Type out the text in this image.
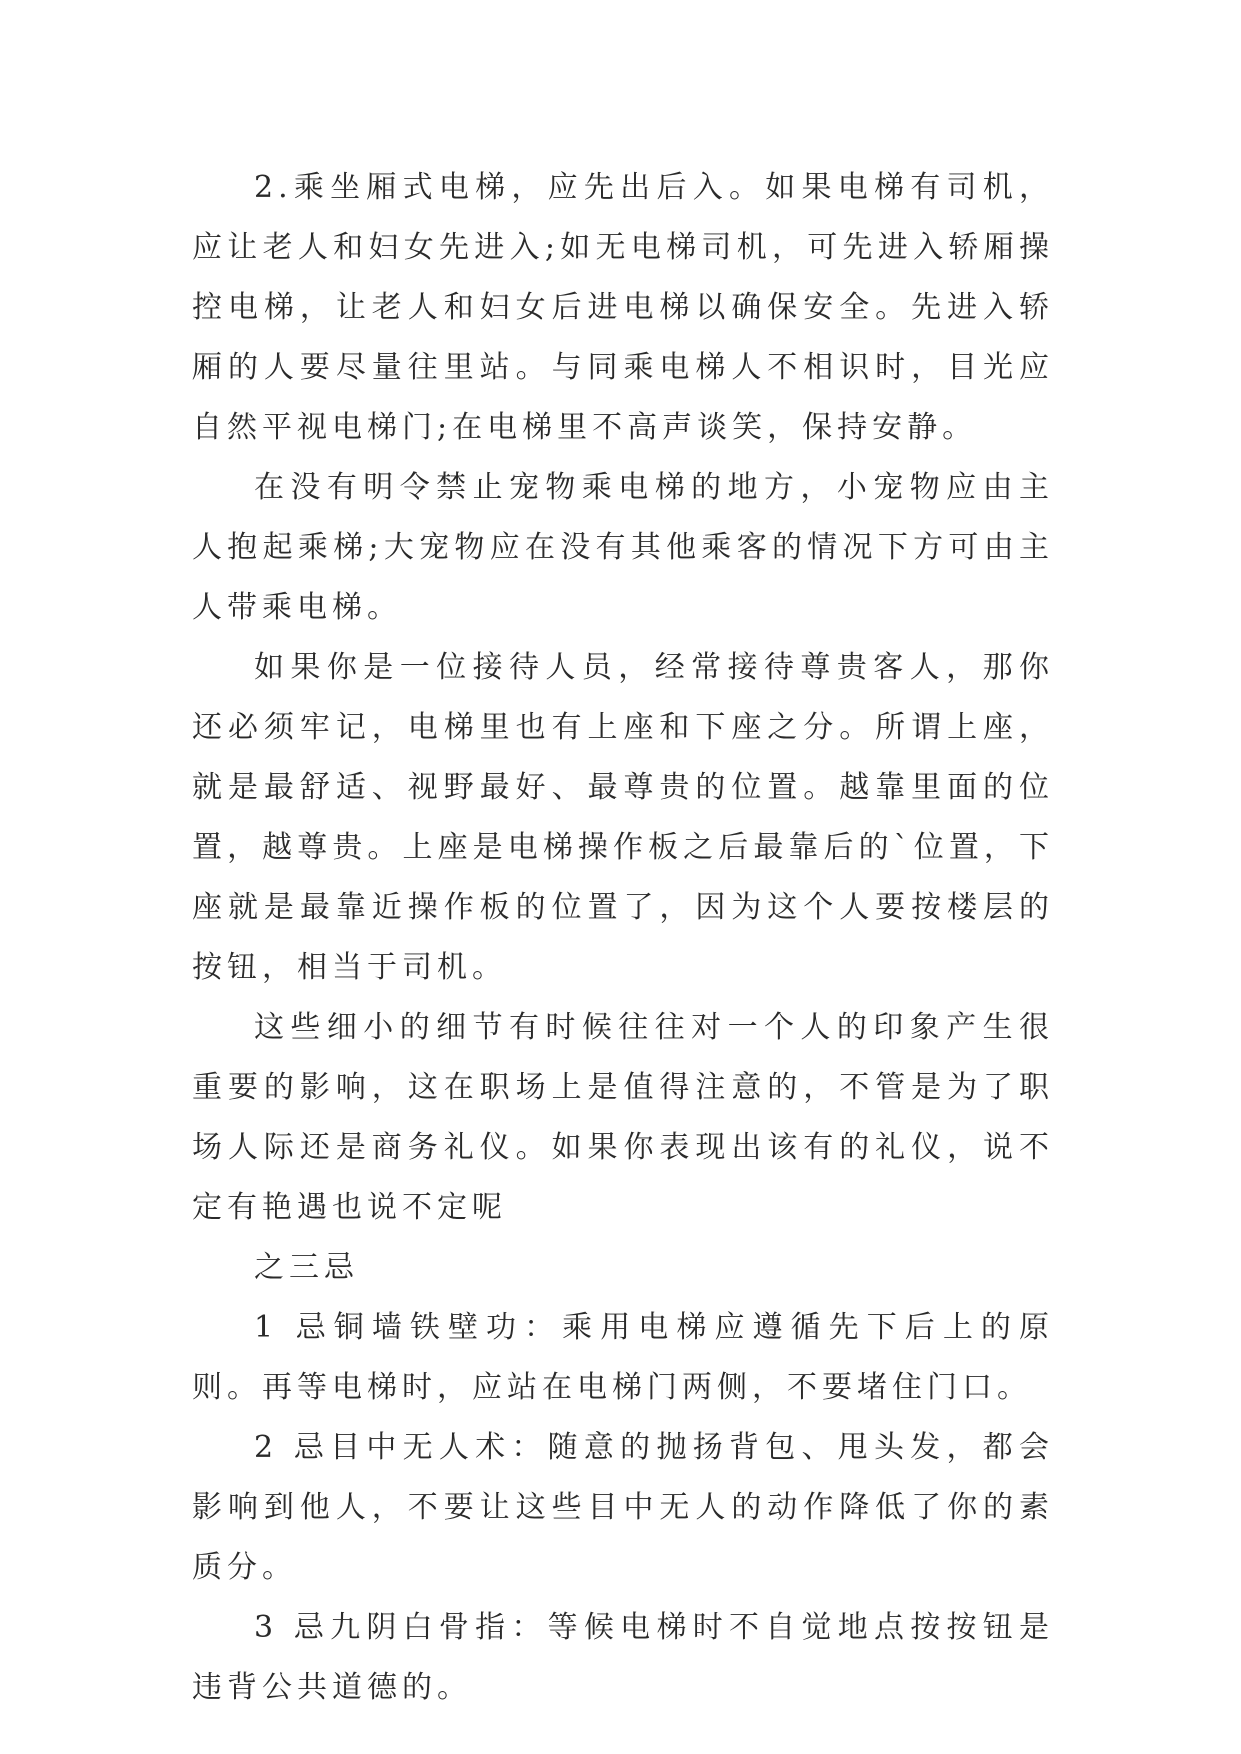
2.乘坐厢式电梯，应先出后入。如果电梯有司机，应让老人和妇女先进入;如无电梯司机，可先进入轿厢操控电梯，让老人和妇女后进电梯以确保安全。先进入轿厢的人要尽量往里站。与同乘电梯人不相识时，目光应自然平视电梯门;在电梯里不高声谈笑，保持安静。

在没有明令禁止宠物乘电梯的地方，小宠物应由主人抱起乘梯;大宠物应在没有其他乘客的情况下方可由主人带乘电梯。

如果你是一位接待人员，经常接待尊贵客人，那你还必须牢记，电梯里也有上座和下座之分。所谓上座，就是最舒适、视野最好、最尊贵的位置。越靠里面的位置，越尊贵。上座是电梯操作板之后最靠后的`位置，下座就是最靠近操作板的位置了，因为这个人要按楼层的按钮，相当于司机。

这些细小的细节有时候往往对一个人的印象产生很重要的影响，这在职场上是值得注意的，不管是为了职场人际还是商务礼仪。如果你表现出该有的礼仪，说不定有艳遇也说不定呢

之三忌

1 忌铜墙铁壁功：乘用电梯应遵循先下后上的原则。再等电梯时，应站在电梯门两侧，不要堵住门口。

2 忌目中无人术：随意的抛扬背包、甩头发，都会影响到他人，不要让这些目中无人的动作降低了你的素质分。

3 忌九阴白骨指：等候电梯时不自觉地点按按钮是违背公共道德的。
